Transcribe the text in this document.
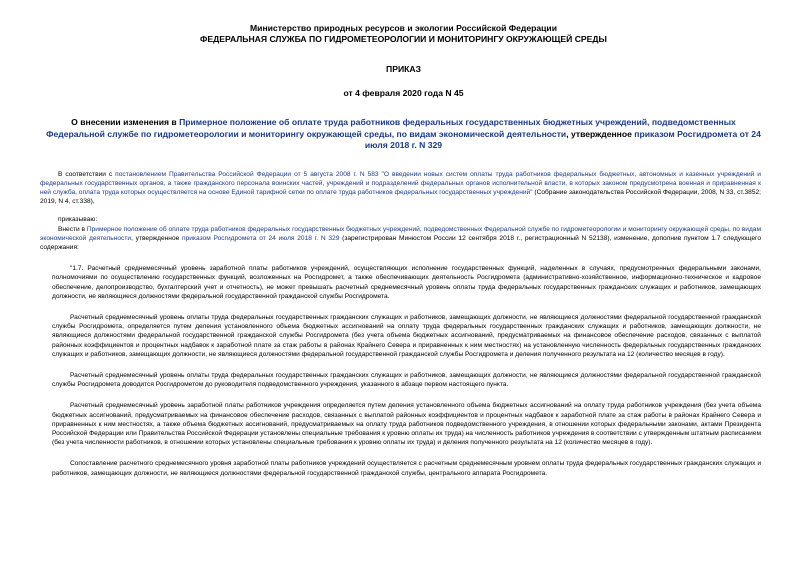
Министерство природных ресурсов и экологии Российской Федерации
ФЕДЕРАЛЬНАЯ СЛУЖБА ПО ГИДРОМЕТЕОРОЛОГИИ И МОНИТОРИНГУ ОКРУЖАЮЩЕЙ СРЕДЫ
ПРИКАЗ
от 4 февраля 2020 года N 45
О внесении изменения в Примерное положение об оплате труда работников федеральных государственных бюджетных учреждений, подведомственных Федеральной службе по гидрометеорологии и мониторингу окружающей среды, по видам экономической деятельности, утвержденное приказом Росгидромета от 24 июля 2018 г. N 329

В соответствии с постановлением Правительства Российской Федерации от 5 августа 2008 г. N 583 "О введении новых систем оплаты труда работников федеральных бюджетных, автономных и казенных учреждений и федеральных государственных органов, а также гражданского персонала воинских частей, учреждений и подразделений федеральных органов исполнительной власти, в которых законом предусмотрена военная и приравненная к ней служба, оплата труда которых осуществляется на основе Единой тарифной сетки по оплате труда работников федеральных государственных учреждений" (Собрание законодательства Российской Федерации, 2008, N 33, ст.3852; 2019, N 4, ст.338),

приказываю:

Внести в Примерное положение об оплате труда работников федеральных государственных бюджетных учреждений, подведомственных Федеральной службе по гидрометеорологии и мониторингу окружающей среды, по видам экономической деятельности, утвержденное приказом Росгидромета от 24 июля 2018 г. N 329 (зарегистрирован Минюстом России 12 сентября 2018 г., регистрационный N 52138), изменение, дополнив пунктом 1.7 следующего содержания:

"1.7. Расчетный среднемесячный уровень заработной платы работников учреждений, осуществляющих исполнение государственных функций, наделенных в случаях, предусмотренных федеральными законами, полномочиями по осуществлению государственных функций, возложенных на Росгидромет, а также обеспечивающих деятельность Росгидромета (административно-хозяйственное, информационно-техническое и кадровое обеспечение, делопроизводство, бухгалтерский учет и отчетность), не может превышать расчетный среднемесячный уровень оплаты труда федеральных государственных гражданских служащих и работников, замещающих должности, не являющиеся должностями федеральной государственной гражданской службы Росгидромета.

Расчетный среднемесячный уровень оплаты труда федеральных государственных гражданских служащих и работников, замещающих должности, не являющиеся должностями федеральной государственной гражданской службы Росгидромета, определяется путем деления установленного объема бюджетных ассигнований на оплату труда федеральных государственных гражданских служащих и работников, замещающих должности, не являющиеся должностями федеральной государственной гражданской службы Росгидромета (без учета объема бюджетных ассигнований, предусматриваемых на финансовое обеспечение расходов, связанных с выплатой районных коэффициентов и процентных надбавок к заработной плате за стаж работы в районах Крайнего Севера и приравненных к ним местностях) на установленную численность федеральных государственных гражданских служащих и работников, замещающих должности, не являющиеся должностями федеральной государственной гражданской службы Росгидромета и деления полученного результата на 12 (количество месяцев в году).

Расчетный среднемесячный уровень оплаты труда федеральных государственных гражданских служащих и работников, замещающих должности, не являющиеся должностями федеральной государственной гражданской службы Росгидромета доводится Росгидрометом до руководителя подведомственного учреждения, указанного в абзаце первом настоящего пункта.

Расчетный среднемесячный уровень заработной платы работников учреждения определяется путем деления установленного объема бюджетных ассигнований на оплату труда работников учреждения (без учета объема бюджетных ассигнований, предусматриваемых на финансовое обеспечение расходов, связанных с выплатой районных коэффициентов и процентных надбавок к заработной плате за стаж работы в районах Крайнего Севера и приравненных к ним местностях, а также объема бюджетных ассигнований, предусматриваемых на оплату труда работников подведомственного учреждения, в отношении которых федеральными законами, актами Президента Российской Федерации или Правительства Российской Федерации установлены специальные требования к уровню оплаты их труда) на численность работников учреждения в соответствии с утвержденным штатным расписанием (без учета численности работников, в отношении которых установлены специальные требования к уровню оплаты их труда) и деления полученного результата на 12 (количество месяцев в году).

Сопоставление расчетного среднемесячного уровня заработной платы работников учреждений осуществляется с расчетным среднемесячным уровнем оплаты труда федеральных государственных гражданских служащих и работников, замещающих должности, не являющиеся должностями федеральной государственной гражданской службы, центрального аппарата Росгидромета.
